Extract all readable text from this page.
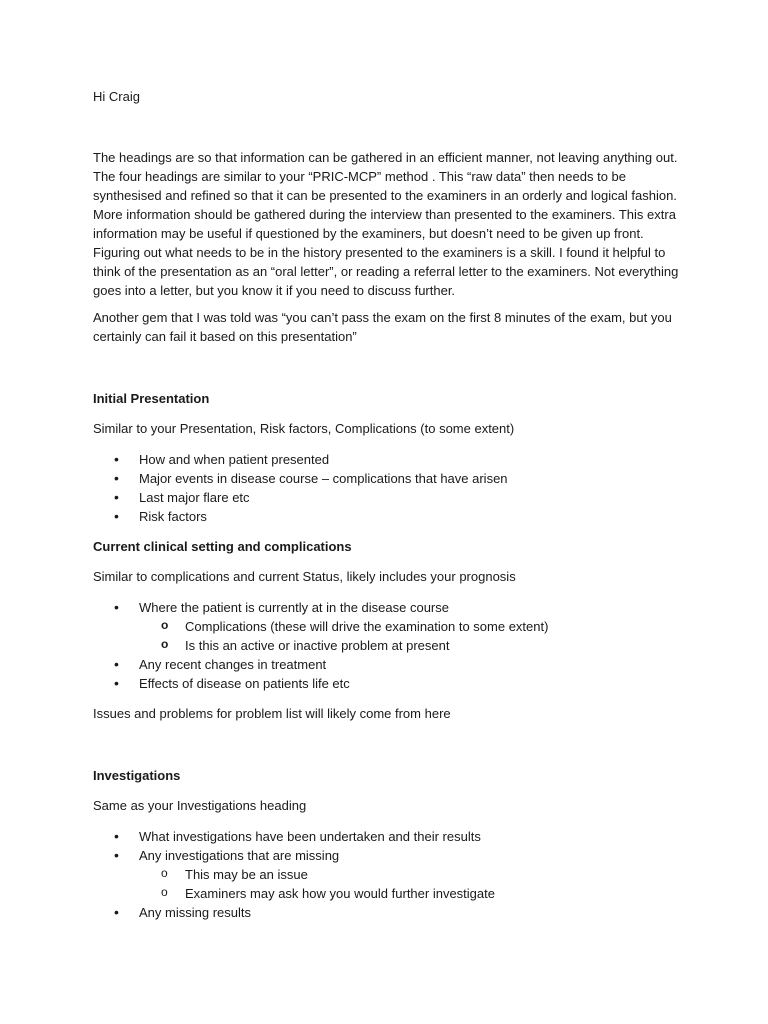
Hi Craig

The headings are so that information can be gathered in an efficient manner, not leaving anything out. The four headings are similar to your “PRIC-MCP” method . This “raw data” then needs to be synthesised and refined so that it can be presented to the examiners in an orderly and logical fashion. More information should be gathered during the interview than presented to the examiners. This extra information may be useful if questioned by the examiners, but doesn’t need to be given up front. Figuring out what needs to be in the history presented to the examiners is a skill. I found it helpful to think of the presentation as an “oral letter”, or reading a referral letter to the examiners. Not everything goes into a letter, but you know it if you need to discuss further.

Another gem that I was told was “you can’t pass the exam on the first 8 minutes of the exam, but you certainly can fail it based on this presentation”

Initial Presentation

Similar to your Presentation, Risk factors, Complications (to some extent)

• How and when patient presented
• Major events in disease course – complications that have arisen
• Last major flare etc
• Risk factors

Current clinical setting and complications

Similar to complications and current Status, likely includes your prognosis

• Where the patient is currently at in the disease course
o Complications (these will drive the examination to some extent)
o Is this an active or inactive problem at present
• Any recent changes in treatment
• Effects of disease on patients life etc

Issues and problems for problem list will likely come from here

Investigations

Same as your Investigations heading

• What investigations have been undertaken and their results
• Any investigations that are missing
o This may be an issue
o Examiners may ask how you would further investigate
• Any missing results
